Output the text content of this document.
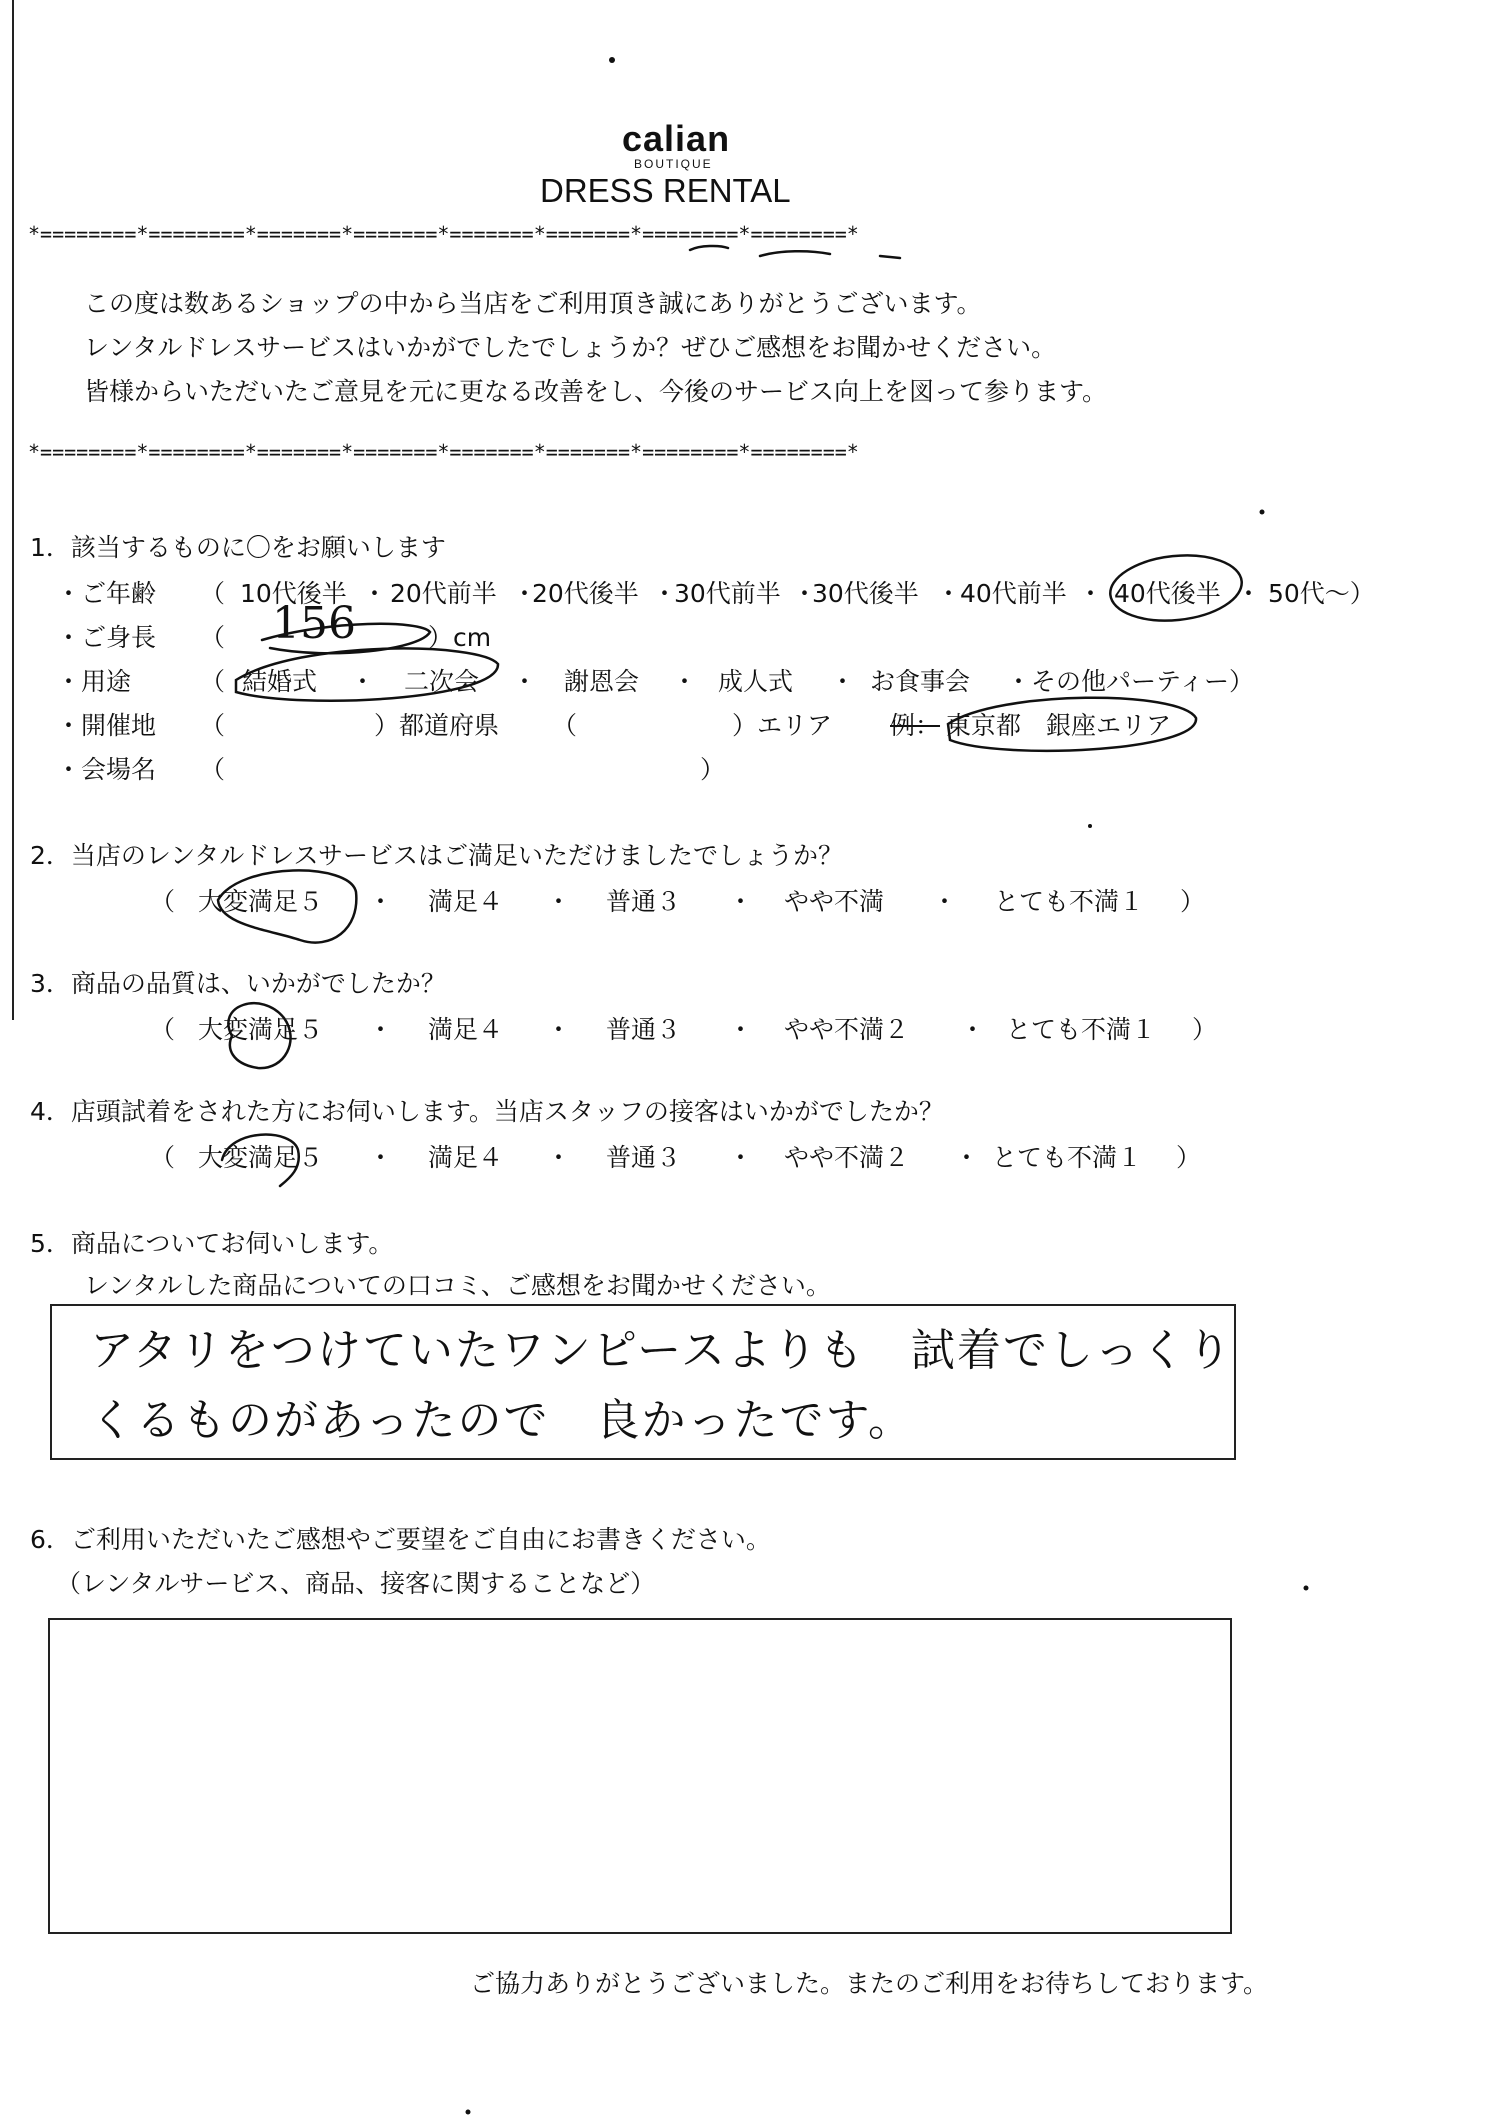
calian
BOUTIQUE
DRESS RENTAL
*========*========*=======*=======*=======*=======*========*========*
この度は数あるショップの中から当店をご利用頂き誠にありがとうございます。
レンタルドレスサービスはいかがでしたでしょうか？ぜひご感想をお聞かせください。
皆様からいただいたご意見を元に更なる改善をし、今後のサービス向上を図って参ります。
*========*========*=======*=======*=======*=======*========*========*
1．該当するものに〇をお願いします
・ご年齢 （ 10代後半 ・ 20代前半 ・
20代後半 ・
30代前半 ・
30代後半 ・
40代前半 ・ 40代後半 ・ 50代～）
・ご身長 （ 156	）cm
・用途	（ 結婚式 ・ 二次会 ・ 謝恩会 ・ 成人式 ・ お食事会 ・その他パーティー）
・開催地 （	）都道府県 （	）エリア 例： 東京都　銀座エリア
・会場名 （	）
2．当店のレンタルドレスサービスはご満足いただけましたでしょうか？
（ 大変満足５ ・ 満足４ ・ 普通３ ・ やや不満 ・ とても不満１ ）
3．商品の品質は、いかがでしたか？
（ 大変満足５ ・ 満足４ ・ 普通３ ・ やや不満２ ・ とても不満１ ）
4．店頭試着をされた方にお伺いします。当店スタッフの接客はいかがでしたか？
（ 大変満足５ ・ 満足４ ・ 普通３ ・ やや不満２ ・ とても不満１ ）
5．商品についてお伺いします。
レンタルした商品についての口コミ、ご感想をお聞かせください。
アタリをつけていたワンピースよりも　試着でしっくり
くるものがあったので　良かったです。
6．ご利用いただいたご感想やご要望をご自由にお書きください。
（レンタルサービス、商品、接客に関することなど）
ご協力ありがとうございました。またのご利用をお待ちしております。
